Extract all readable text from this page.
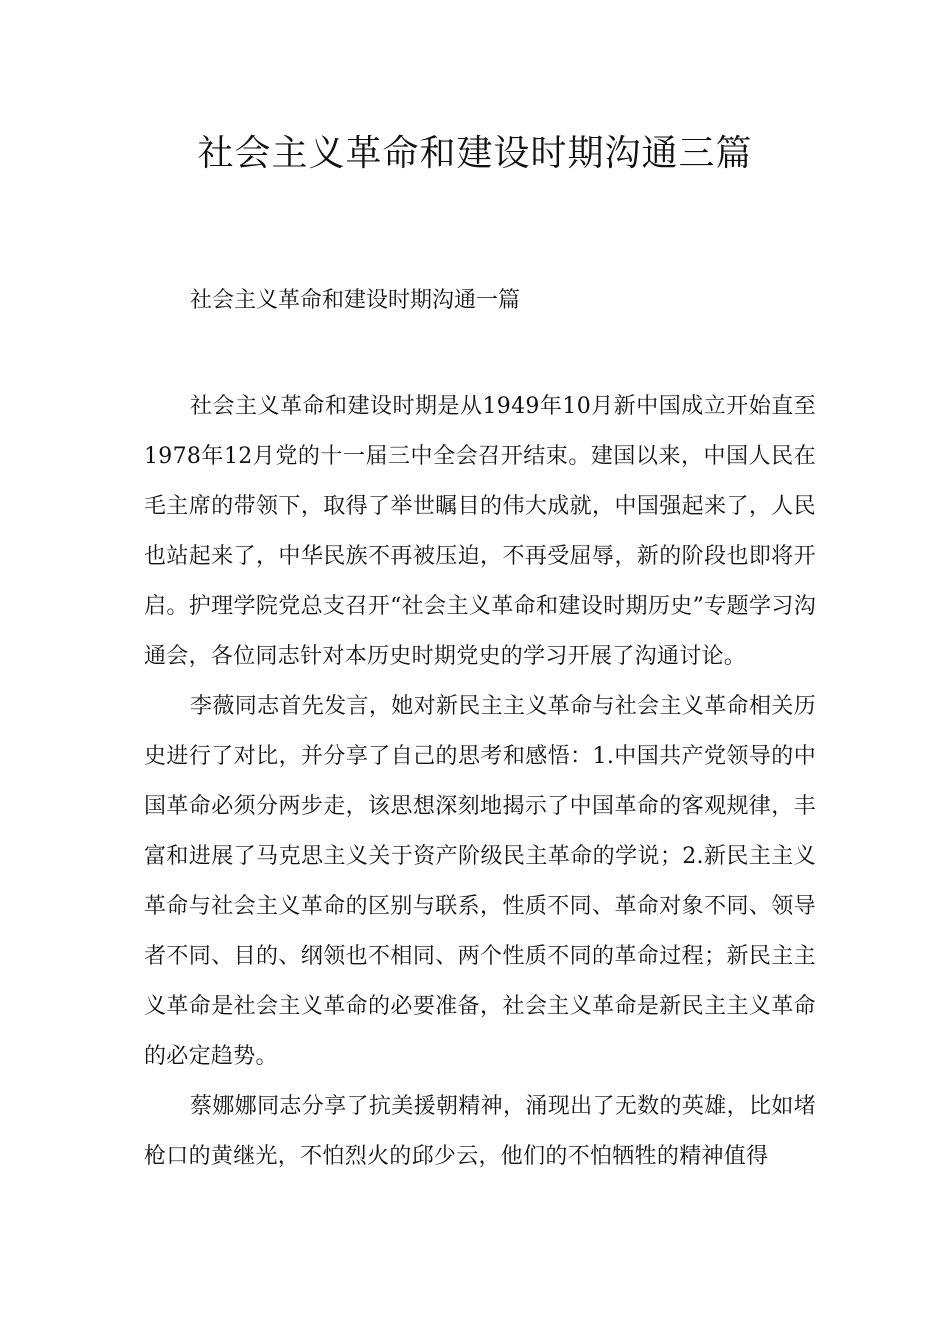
社会主义革命和建设时期沟通三篇

社会主义革命和建设时期沟通一篇

社会主义革命和建设时期是从1949年10月新中国成立开始直至1978年12月党的十一届三中全会召开结束。建国以来，中国人民在毛主席的带领下，取得了举世瞩目的伟大成就，中国强起来了，人民也站起来了，中华民族不再被压迫，不再受屈辱，新的阶段也即将开启。护理学院党总支召开“社会主义革命和建设时期历史”专题学习沟通会，各位同志针对本历史时期党史的学习开展了沟通讨论。

李薇同志首先发言，她对新民主主义革命与社会主义革命相关历史进行了对比，并分享了自己的思考和感悟：1.中国共产党领导的中国革命必须分两步走，该思想深刻地揭示了中国革命的客观规律，丰富和进展了马克思主义关于资产阶级民主革命的学说；2.新民主主义革命与社会主义革命的区别与联系，性质不同、革命对象不同、领导者不同、目的、纲领也不相同、两个性质不同的革命过程；新民主主义革命是社会主义革命的必要准备，社会主义革命是新民主主义革命的必定趋势。

蔡娜娜同志分享了抗美援朝精神，涌现出了无数的英雄，比如堵枪口的黄继光，不怕烈火的邱少云，他们的不怕牺牲的精神值得
